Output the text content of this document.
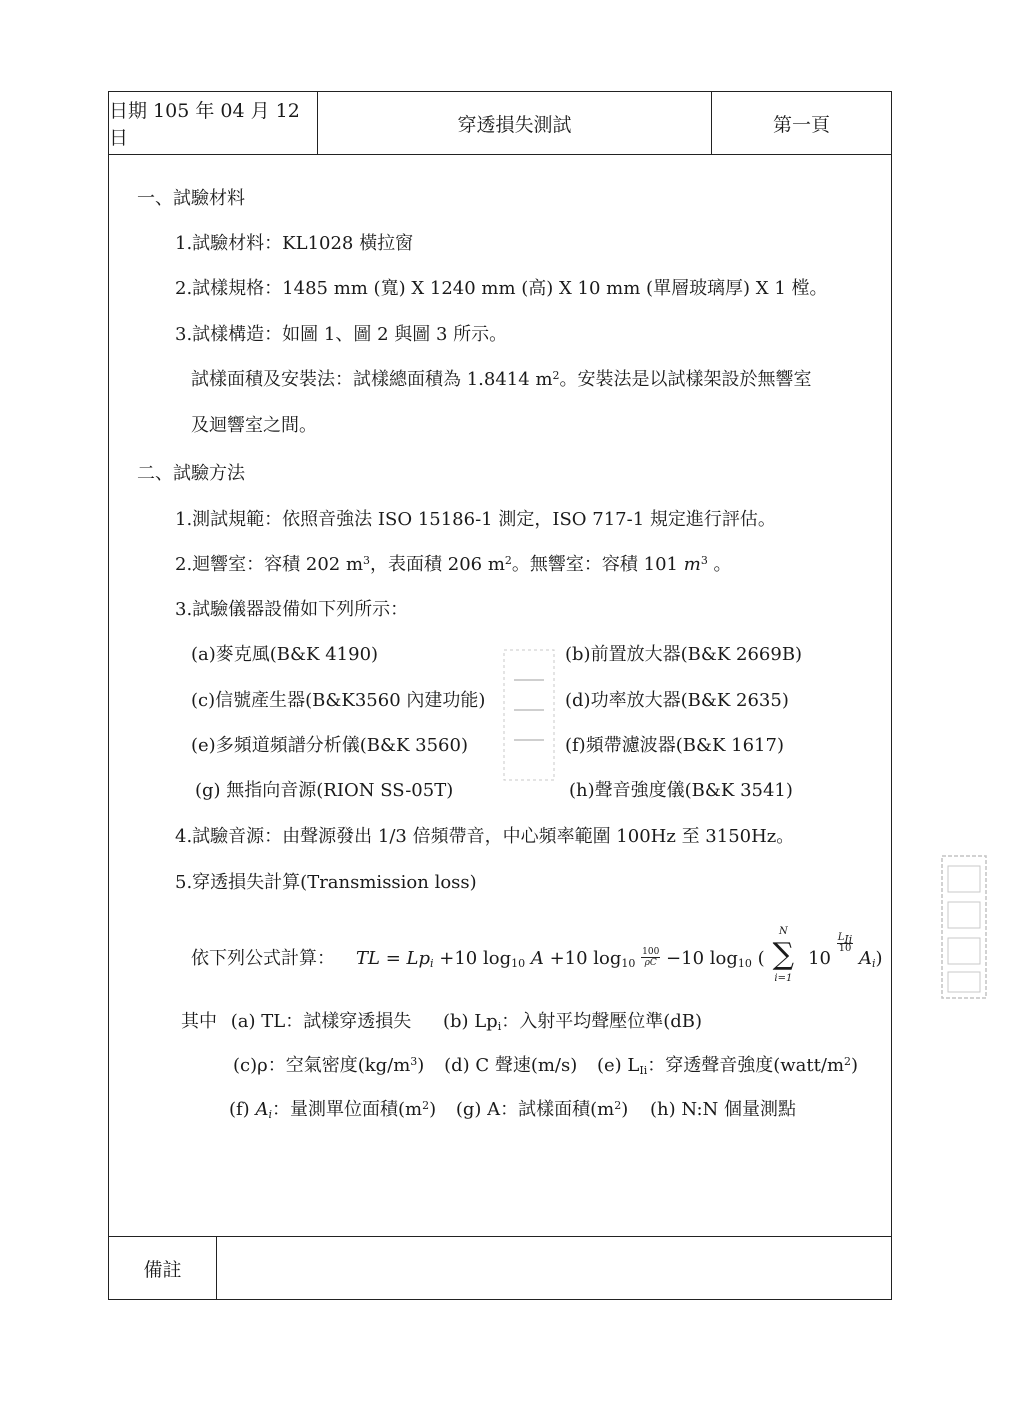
日期 105 年 04 月 12 日
穿透損失測試	第一頁
一、試驗材料
1.試驗材料：KL1028 橫拉窗
2.試樣規格：1485 mm (寬) X 1240 mm (高) X 10 mm (單層玻璃厚) X 1 樘。
3.試樣構造：如圖 1、圖 2 與圖 3 所示。
試樣面積及安裝法：試樣總面積為 1.8414 $m^2$。安裝法是以試樣架設於無響室
及迴響室之間。
二、試驗方法
1.測試規範：依照音強法 ISO 15186-1 測定，ISO 717-1 規定進行評估。
2.迴響室：容積 202 $m^3$，表面積 206 $m^2$。無響室：容積 101 $m^3$ 。
3.試驗儀器設備如下列所示：
(a)麥克風(B&K 4190)	(b)前置放大器(B&K 2669B)
(c)信號產生器(B&K3560 內建功能)	(d)功率放大器(B&K 2635)
(e)多頻道頻譜分析儀(B&K 3560)	(f)頻帶濾波器(B&K 1617)
(g) 無指向音源(RION SS-05T)	(h)聲音強度儀(B&K 3541)
4.試驗音源：由聲源發出 1/3 倍頻帶音，中心頻率範圍 100Hz 至 3150Hz。
5.穿透損失計算(Transmission loss)
依下列公式計算： TL = $Lp_i +10$ $\log_{10} A +10$ $\log_{10} \frac{100}{\rho C} -10$ $\log_{10}$ (
N
∑
i=1
10
$\frac{L_{Ii}}{10} A_i$)
其中 (a) TL：試樣穿透損失 (b) $Lp_i$：入射平均聲壓位準(dB)
(c)ρ：空氣密度$(kg/m^3)$ (d) C 聲速(m/s) (e) $L_{Ii}$：穿透聲音強度$(watt/m^2)$
(f) $A_i$：量測單位面積$(m^2)$ (g) A：試樣面積$(m^2)$ (h) N:N 個量測點
備註
